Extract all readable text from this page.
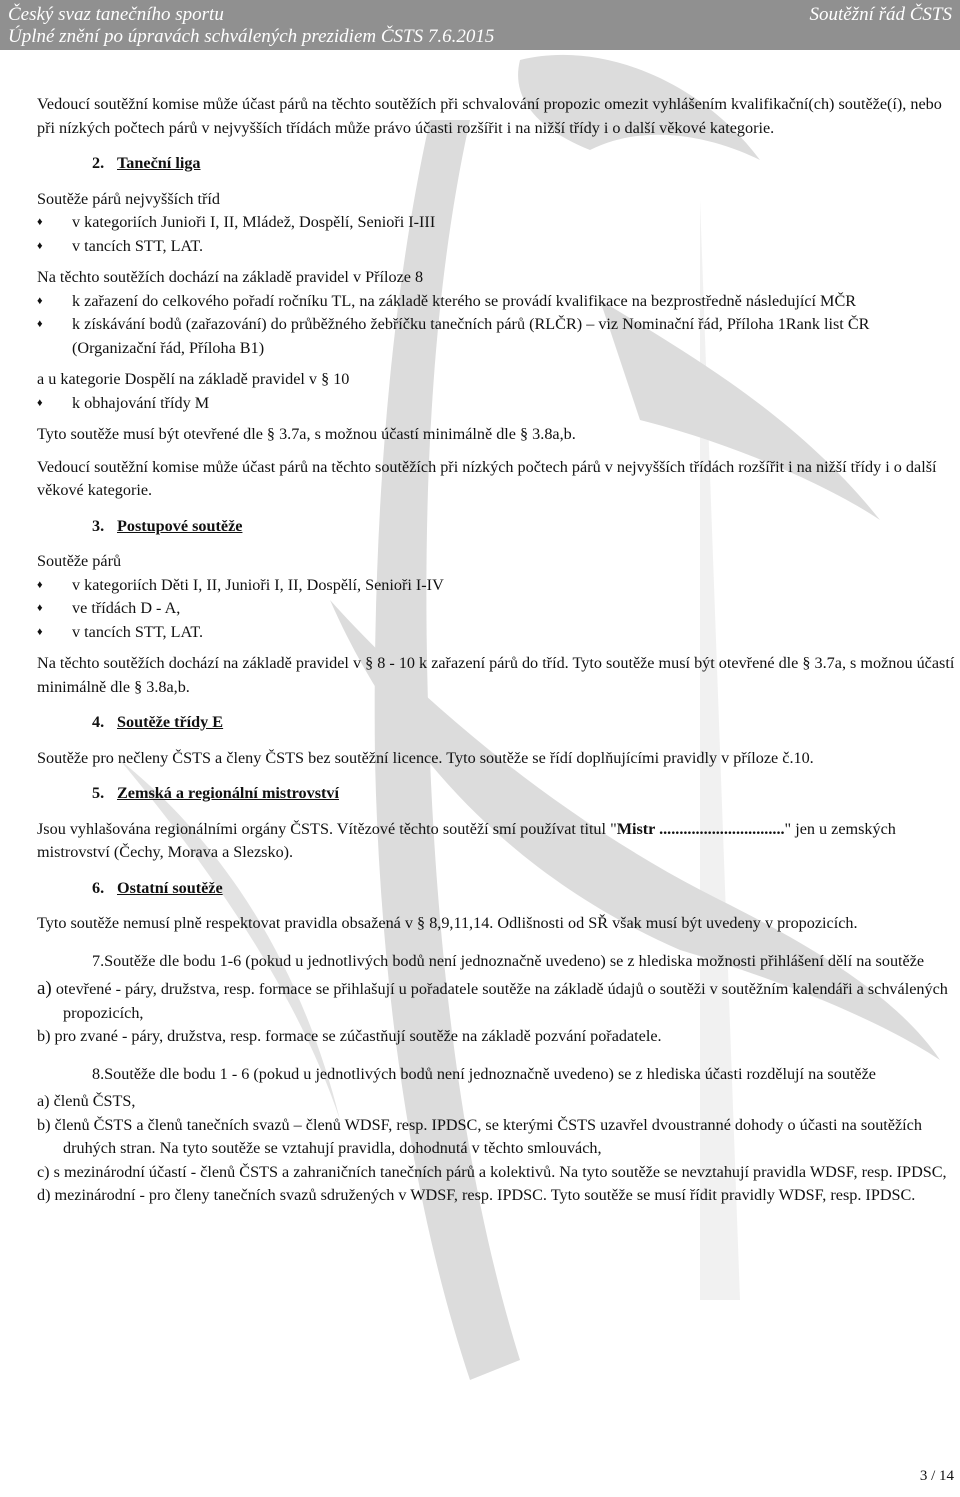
Český svaz tanečního sportu
Úplné znění po úpravách schválených prezidiem ČSTS 7.6.2015
Soutěžní řád ČSTS

Vedoucí soutěžní komise může účast párů na těchto soutěžích při schvalování propozic omezit vyhlášením kvalifikační(ch) soutěže(í), nebo při nízkých počtech párů v nejvyšších třídách může právo účasti rozšířit i na nižší třídy i o další věkové kategorie.

2. Taneční liga

Soutěže párů nejvyšších tříd

♦ v kategoriích Junioři I, II, Mládež, Dospělí, Senioři I-III
♦ v tancích STT, LAT.

Na těchto soutěžích dochází na základě pravidel v Příloze 8

♦ k zařazení do celkového pořadí ročníku TL, na základě kterého se provádí kvalifikace na bezprostředně následující MČR
♦ k získávání bodů (zařazování) do průběžného žebříčku tanečních párů (RLČR) – viz Nominační řád, Příloha 1Rank list ČR (Organizační řád, Příloha B1)

a u kategorie Dospělí na základě pravidel v § 10

♦ k obhajování třídy M

Tyto soutěže musí být otevřené dle § 3.7a, s možnou účastí minimálně dle § 3.8a,b.

Vedoucí soutěžní komise může účast párů na těchto soutěžích při nízkých počtech párů v nejvyšších třídách rozšířit i na nižší třídy i o další věkové kategorie.

3. Postupové soutěže

Soutěže párů

♦ v kategoriích Děti I, II, Junioři I, II, Dospělí, Senioři I-IV
♦ ve třídách D - A,
♦ v tancích STT, LAT.

Na těchto soutěžích dochází na základě pravidel v § 8 - 10 k zařazení párů do tříd. Tyto soutěže musí být otevřené dle § 3.7a, s možnou účastí minimálně dle § 3.8a,b.

4. Soutěže třídy E

Soutěže pro nečleny ČSTS a členy ČSTS bez soutěžní licence. Tyto soutěže se řídí doplňujícími pravidly v příloze č.10.

5. Zemská a regionální mistrovství

Jsou vyhlašována regionálními orgány ČSTS. Vítězové těchto soutěží smí používat titul "Mistr ..............................." jen u zemských mistrovství (Čechy, Morava a Slezsko).

6. Ostatní soutěže

Tyto soutěže nemusí plně respektovat pravidla obsažená v § 8,9,11,14. Odlišnosti od SŘ však musí být uvedeny v propozicích.

7.Soutěže dle bodu 1-6 (pokud u jednotlivých bodů není jednoznačně uvedeno) se z hlediska možnosti přihlášení dělí na soutěže

a) otevřené - páry, družstva, resp. formace se přihlašují u pořadatele soutěže na základě údajů o soutěži v soutěžním kalendáři a schválených propozicích,

b) pro zvané - páry, družstva, resp. formace se zúčastňují soutěže na základě pozvání pořadatele.

8.Soutěže dle bodu 1 - 6 (pokud u jednotlivých bodů není jednoznačně uvedeno) se z hlediska účasti rozdělují na soutěže

a) členů ČSTS,

b) členů ČSTS a členů tanečních svazů – členů WDSF, resp. IPDSC, se kterými ČSTS uzavřel dvoustranné dohody o účasti na soutěžích druhých stran. Na tyto soutěže se vztahují pravidla, dohodnutá v těchto smlouvách,

c) s mezinárodní účastí - členů ČSTS a zahraničních tanečních párů a kolektivů. Na tyto soutěže se nevztahují pravidla WDSF, resp. IPDSC,

d) mezinárodní - pro členy tanečních svazů sdružených v WDSF, resp. IPDSC. Tyto soutěže se musí řídit pravidly WDSF, resp. IPDSC.

3 / 14
